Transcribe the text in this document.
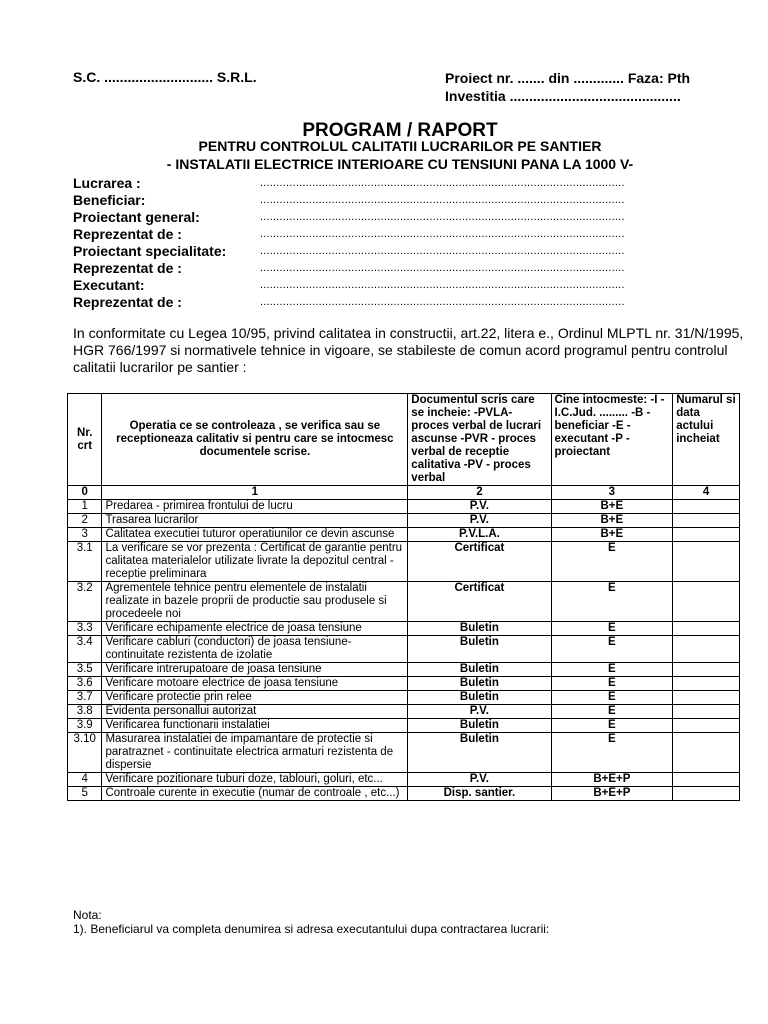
S.C. ............................ S.R.L.	Proiect nr. ....... din ............. Faza: Pth
Investitia ............................................
PROGRAM / RAPORT
PENTRU CONTROLUL CALITATII LUCRARILOR PE SANTIER
- INSTALATII ELECTRICE INTERIOARE CU TENSIUNI PANA LA 1000 V-
Lucrarea :	................................................................................................................
Beneficiar:	................................................................................................................
Proiectant general:	................................................................................................................
Reprezentat de :	................................................................................................................
Proiectant specialitate:	................................................................................................................
Reprezentat de :	................................................................................................................
Executant:	................................................................................................................
Reprezentat de :	................................................................................................................
In conformitate cu Legea 10/95, privind calitatea in constructii, art.22, litera e., Ordinul MLPTL nr. 31/N/1995, HGR 766/1997 si normativele tehnice in vigoare, se stabileste de comun acord programul pentru controlul calitatii lucrarilor pe santier :
Nr. crt	Operatia ce se controleaza , se verifica sau se receptioneaza calitativ si pentru care se intocmesc documentele scrise.	Documentul scris care se incheie: -PVLA-proces verbal de lucrari ascunse -PVR - proces verbal de receptie calitativa -PV - proces verbal	Cine intocmeste: -I - I.C.Jud. ......... -B - beneficiar -E - executant -P - proiectant	Numarul si data actului incheiat
0	1	2	3	4
1	Predarea - primirea frontului de lucru	P.V.	B+E	
2	Trasarea lucrarilor	P.V.	B+E	
3	Calitatea executiei tuturor operatiunilor ce devin ascunse	P.V.L.A.	B+E	
3.1	La verificare se vor prezenta : Certificat de garantie pentru calitatea materialelor utilizate livrate la depozitul central - receptie preliminara	Certificat	E	
3.2	Agrementele tehnice pentru elementele de instalatii realizate in bazele proprii de productie sau produsele si procedeele noi	Certificat	E	
3.3	Verificare echipamente electrice de joasa tensiune	Buletin	E	
3.4	Verificare cabluri (conductori) de joasa tensiune-continuitate rezistenta de izolatie	Buletin	E	
3.5	Verificare intrerupatoare de joasa tensiune	Buletin	E	
3.6	Verificare motoare electrice de joasa tensiune	Buletin	E	
3.7	Verificare protectie prin relee	Buletin	E	
3.8	Evidenta personallui autorizat	P.V.	E	
3.9	Verificarea functionarii instalatiei	Buletin	E	
3.10	Masurarea instalatiei de impamantare de protectie si paratraznet - continuitate electrica armaturi rezistenta de dispersie	Buletin	E	
4	Verificare pozitionare tuburi doze, tablouri, goluri, etc...	P.V.	B+E+P	
5	Controale curente in executie (numar de controale , etc...)	Disp. santier.	B+E+P	
Nota:
1). Beneficiarul va completa denumirea si adresa executantului dupa contractarea lucrarii:
